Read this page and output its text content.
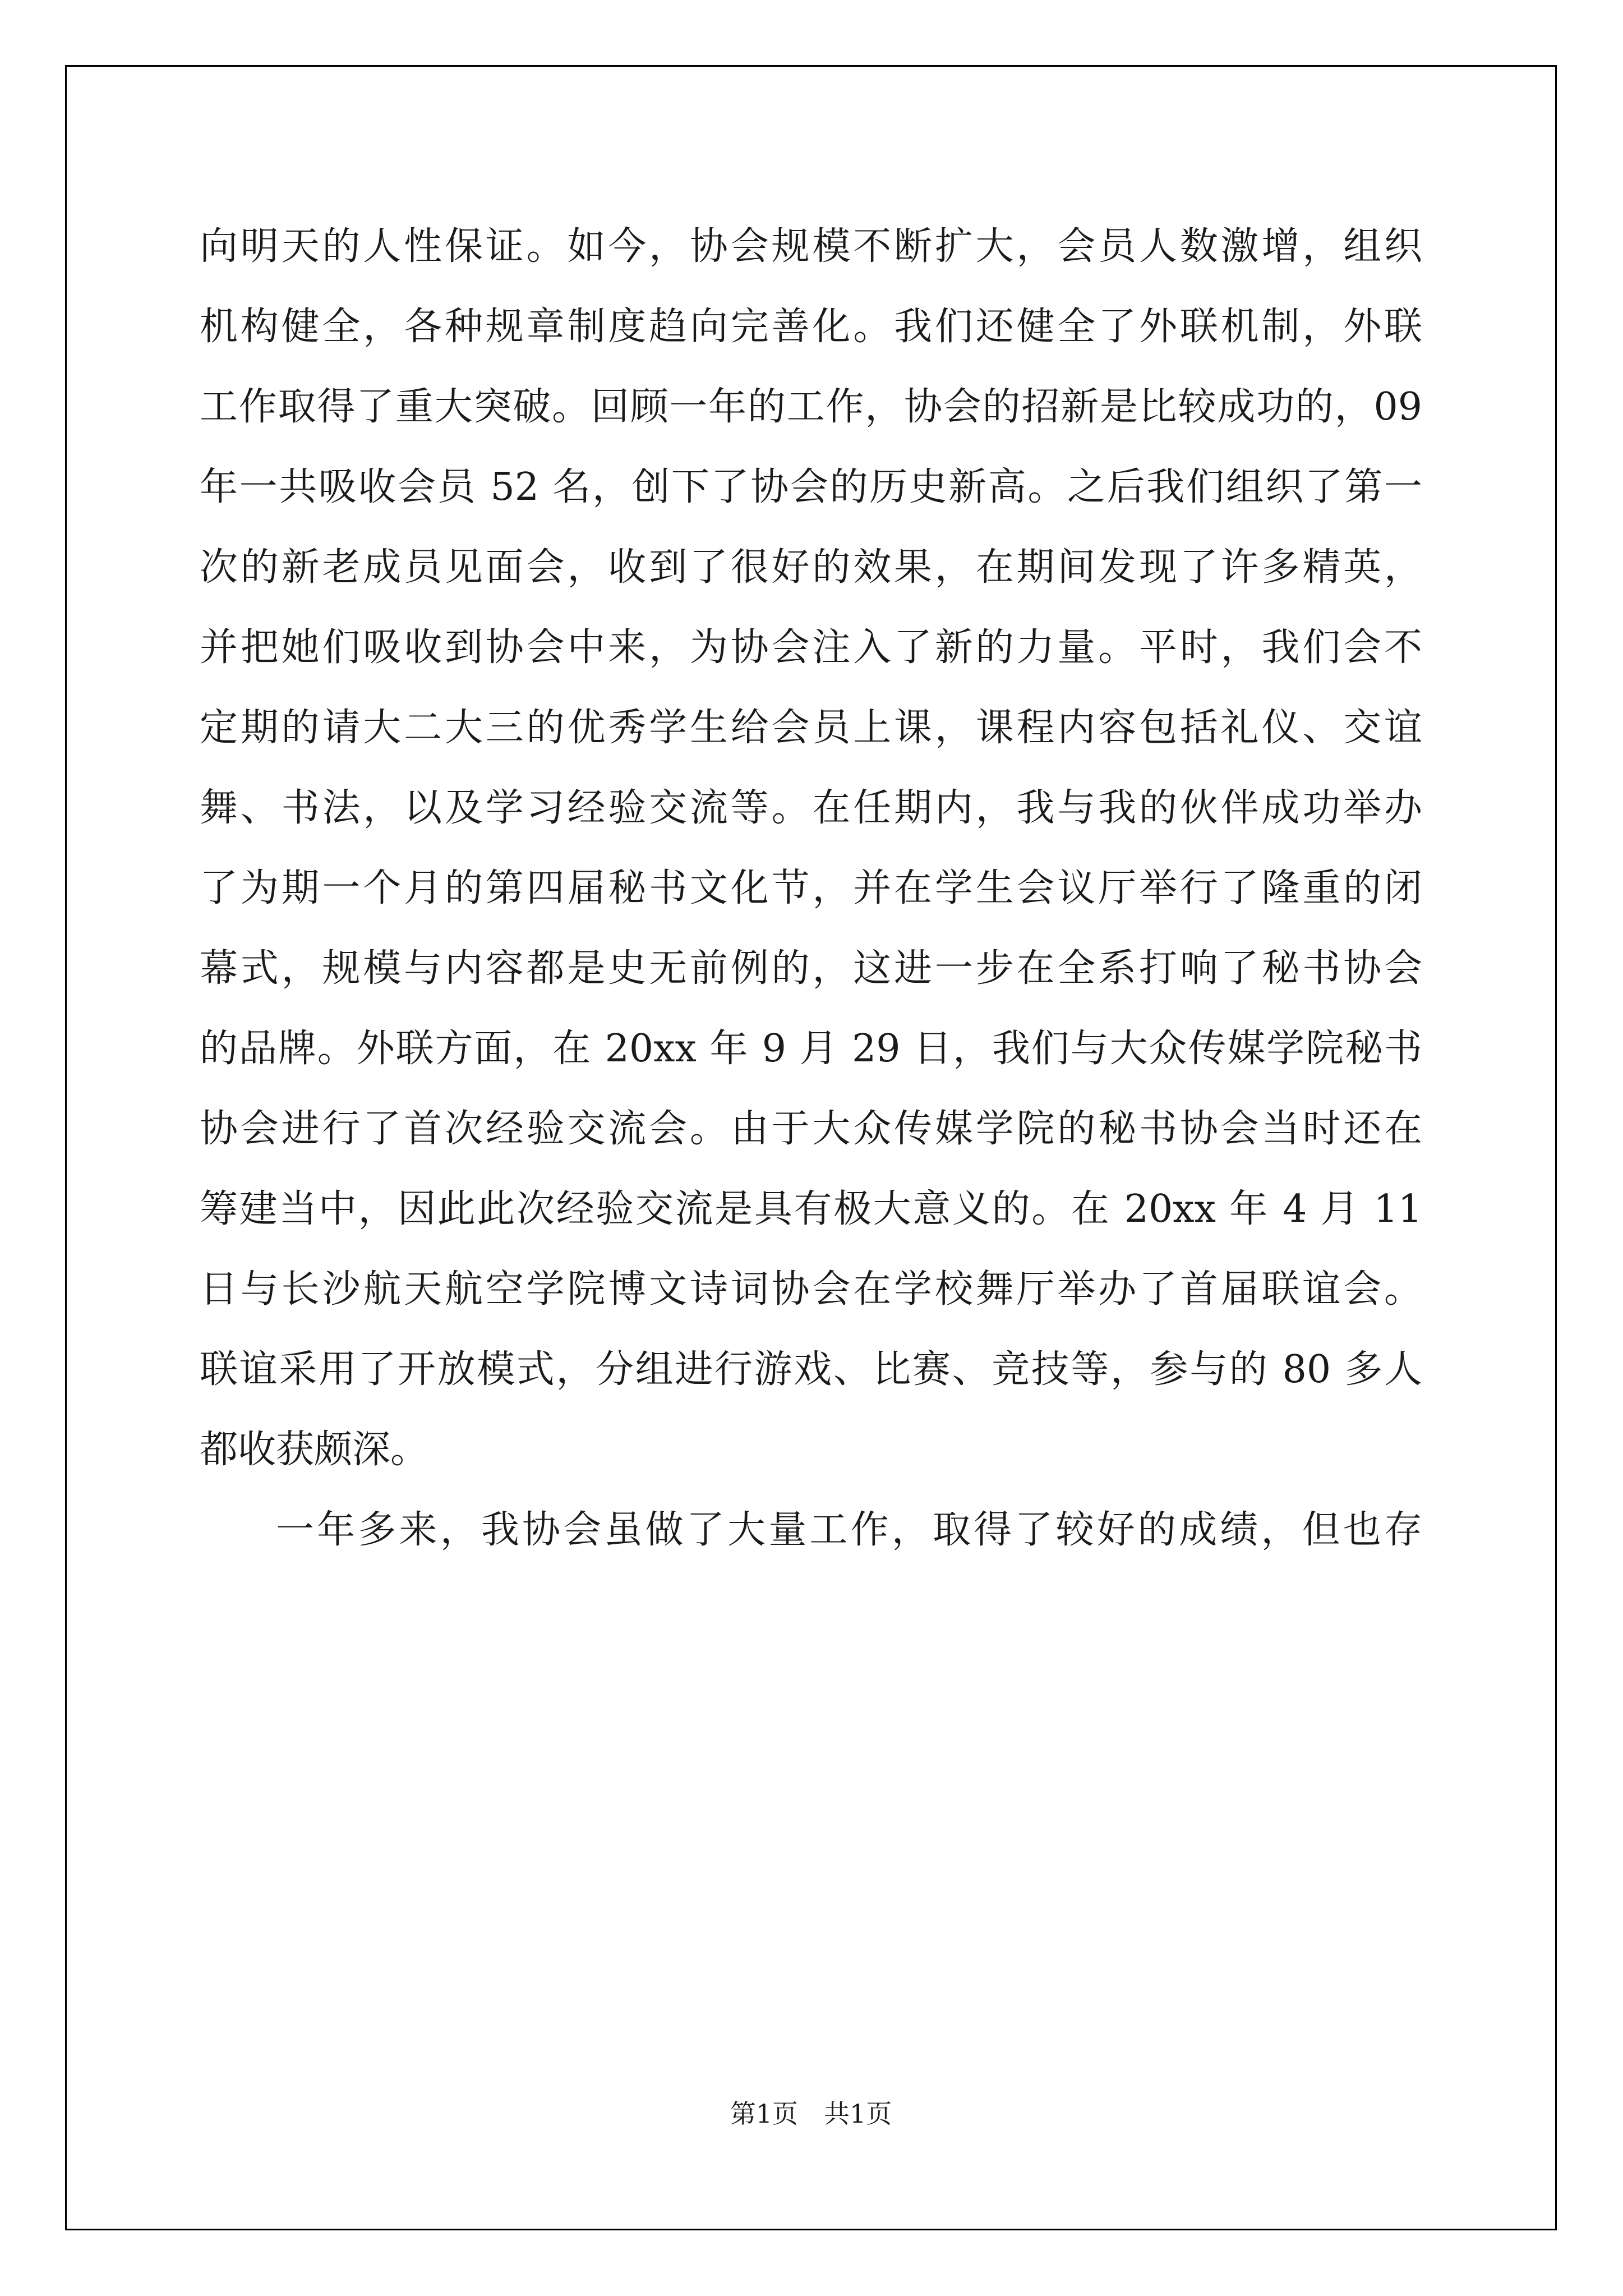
向明天的人性保证。如今，协会规模不断扩大，会员人数激增，组织
机构健全，各种规章制度趋向完善化。我们还健全了外联机制，外联
工作取得了重大突破。回顾一年的工作，协会的招新是比较成功的，09
年一共吸收会员 52 名，创下了协会的历史新高。之后我们组织了第一
次的新老成员见面会，收到了很好的效果，在期间发现了许多精英，
并把她们吸收到协会中来，为协会注入了新的力量。平时，我们会不
定期的请大二大三的优秀学生给会员上课，课程内容包括礼仪、交谊
舞、书法，以及学习经验交流等。在任期内，我与我的伙伴成功举办
了为期一个月的第四届秘书文化节，并在学生会议厅举行了隆重的闭
幕式，规模与内容都是史无前例的，这进一步在全系打响了秘书协会
的品牌。外联方面，在 20xx 年 9 月 29 日，我们与大众传媒学院秘书
协会进行了首次经验交流会。由于大众传媒学院的秘书协会当时还在
筹建当中，因此此次经验交流是具有极大意义的。在 20xx 年 4 月 11
日与长沙航天航空学院博文诗词协会在学校舞厅举办了首届联谊会。
联谊采用了开放模式，分组进行游戏、比赛、竞技等，参与的 80 多人
都收获颇深。
一年多来，我协会虽做了大量工作，取得了较好的成绩，但也存
第1页　共1页
